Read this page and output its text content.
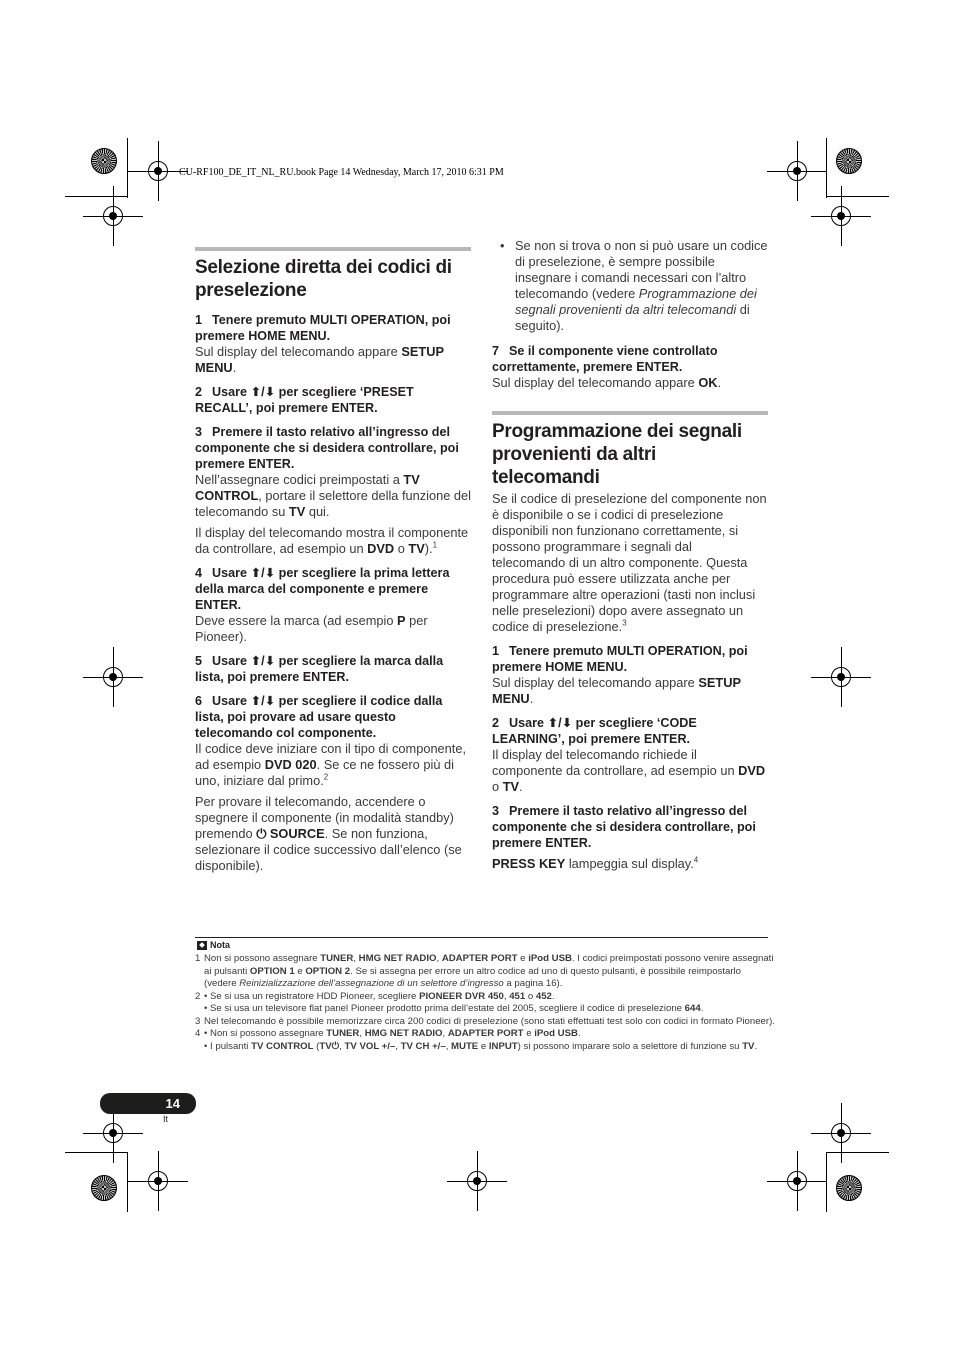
CU-RF100_DE_IT_NL_RU.book Page 14 Wednesday, March 17, 2010 6:31 PM
Selezione diretta dei codici di preselezione
1 Tenere premuto MULTI OPERATION, poi premere HOME MENU.
Sul display del telecomando appare SETUP MENU.
2 Usare ⬆/⬇ per scegliere ‘PRESET RECALL’, poi premere ENTER.
3 Premere il tasto relativo all’ingresso del componente che si desidera controllare, poi premere ENTER.
Nell’assegnare codici preimpostati a TV CONTROL, portare il selettore della funzione del telecomando su TV qui.
Il display del telecomando mostra il componente da controllare, ad esempio un DVD o TV).$^1$
4 Usare ⬆/⬇ per scegliere la prima lettera della marca del componente e premere ENTER.
Deve essere la marca (ad esempio P per Pioneer).
5 Usare ⬆/⬇ per scegliere la marca dalla lista, poi premere ENTER.
6 Usare ⬆/⬇ per scegliere il codice dalla lista, poi provare ad usare questo telecomando col componente.
Il codice deve iniziare con il tipo di componente, ad esempio DVD 020. Se ce ne fossero più di uno, iniziare dal primo.$^2$
Per provare il telecomando, accendere o spegnere il componente (in modalità standby) premendo ⏻ SOURCE. Se non funziona, selezionare il codice successivo dall’elenco (se disponibile).
• Se non si trova o non si può usare un codice di preselezione, è sempre possibile insegnare i comandi necessari con l’altro telecomando (vedere Programmazione dei segnali provenienti da altri telecomandi di seguito).
7 Se il componente viene controllato correttamente, premere ENTER.
Sul display del telecomando appare OK.
Programmazione dei segnali provenienti da altri telecomandi
Se il codice di preselezione del componente non è disponibile o se i codici di preselezione disponibili non funzionano correttamente, si possono programmare i segnali dal telecomando di un altro componente. Questa procedura può essere utilizzata anche per programmare altre operazioni (tasti non inclusi nelle preselezioni) dopo avere assegnato un codice di preselezione.$^3$
1 Tenere premuto MULTI OPERATION, poi premere HOME MENU.
Sul display del telecomando appare SETUP MENU.
2 Usare ⬆/⬇ per scegliere ‘CODE LEARNING’, poi premere ENTER.
Il display del telecomando richiede il componente da controllare, ad esempio un DVD o TV.
3 Premere il tasto relativo all’ingresso del componente che si desidera controllare, poi premere ENTER.
PRESS KEY lampeggia sul display.$^4$
Nota
1 Non si possono assegnare TUNER, HMG NET RADIO, ADAPTER PORT e iPod USB. I codici preimpostati possono venire assegnati ai pulsanti OPTION 1 e OPTION 2. Se si assegna per errore un altro codice ad uno di questo pulsanti, è possibile reimpostarlo (vedere Reinizializzazione dell’assegnazione di un selettore d’ingresso a pagina 16).
2 • Se si usa un registratore HDD Pioneer, scegliere PIONEER DVR 450, 451 o 452.
• Se si usa un televisore flat panel Pioneer prodotto prima dell’estate del 2005, scegliere il codice di preselezione 644.
3 Nel telecomando è possibile memorizzare circa 200 codici di preselezione (sono stati effettuati test solo con codici in formato Pioneer).
4 • Non si possono assegnare TUNER, HMG NET RADIO, ADAPTER PORT e iPod USB.
• I pulsanti TV CONTROL (TV⏻, TV VOL +/–, TV CH +/–, MUTE e INPUT) si possono imparare solo a selettore di funzione su TV.
14
It
